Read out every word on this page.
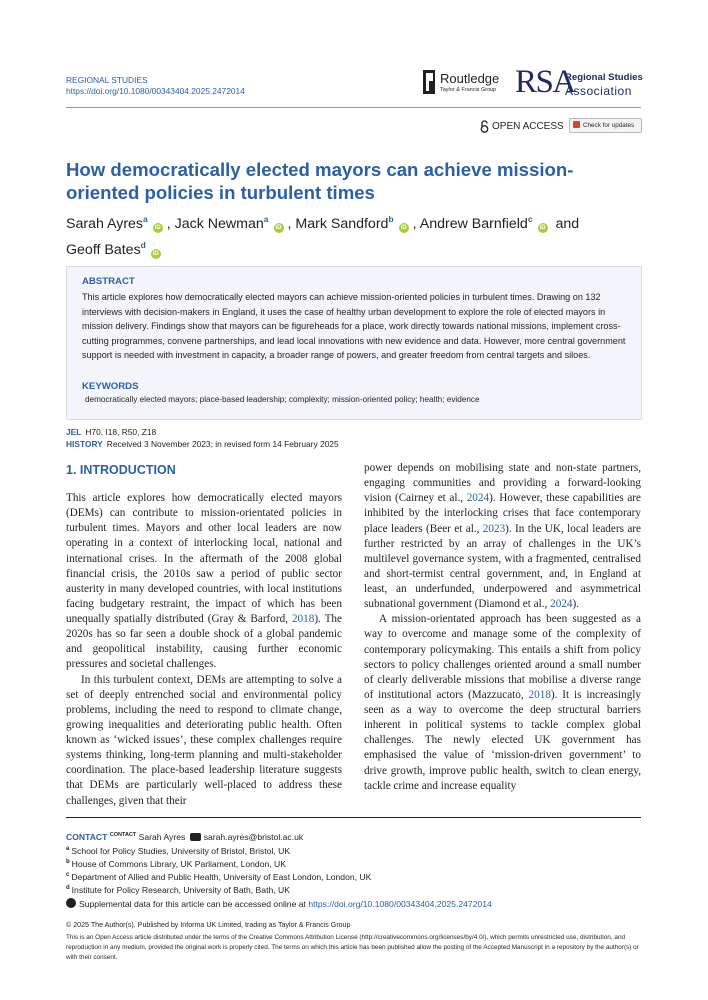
REGIONAL STUDIES
https://doi.org/10.1080/00343404.2025.2472014
Routledge
Taylor & Francis Group RSA
Regional Studies
Association
OPEN ACCESS	Check for updates
How democratically elected mayors can achieve mission-oriented policies in turbulent times
Sarah Ayres$^a$iD , Jack Newman$^a$iD , Mark Sandford$^b$iD , Andrew Barnfield$^c$iD and
Geoff Bates$^d$iD
ABSTRACT
This article explores how democratically elected mayors can achieve mission-oriented policies in turbulent times. Drawing on 132 interviews with decision-makers in England, it uses the case of healthy urban development to explore the role of elected mayors in mission delivery. Findings show that mayors can be figureheads for a place, work directly towards national missions, implement cross-cutting programmes, convene partnerships, and lead local innovations with new evidence and data. However, more central government support is needed with investment in capacity, a broader range of powers, and greater freedom from central targets and siloes.
KEYWORDS
democratically elected mayors; place-based leadership; complexity; mission-oriented policy; health; evidence
JEL H70, I18, R50, Z18
HISTORY Received 3 November 2023; in revised form 14 February 2025
1. INTRODUCTION

This article explores how democratically elected mayors (DEMs) can contribute to mission-orientated policies in turbulent times. Mayors and other local leaders are now operating in a context of interlocking local, national and international crises. In the aftermath of the 2008 global financial crisis, the 2010s saw a period of public sector austerity in many developed countries, with local institutions facing budgetary restraint, the impact of which has been unequally spatially distributed (Gray & Barford, 2018). The 2020s has so far seen a double shock of a global pandemic and geopolitical instability, causing further economic pressures and societal challenges.

In this turbulent context, DEMs are attempting to solve a set of deeply entrenched social and environmental policy problems, including the need to respond to climate change, growing inequalities and deteriorating public health. Often known as ‘wicked issues’, these complex challenges require systems thinking, long-term planning and multi-stakeholder coordination. The place-based leadership literature suggests that DEMs are particularly well-placed to address these challenges, given that their

power depends on mobilising state and non-state partners, engaging communities and providing a forward-looking vision (Cairney et al., 2024). However, these capabilities are inhibited by the interlocking crises that face contemporary place leaders (Beer et al., 2023). In the UK, local leaders are further restricted by an array of challenges in the UK’s multilevel governance system, with a fragmented, centralised and short-termist central government, and, in England at least, an underfunded, underpowered and asymmetrical subnational government (Diamond et al., 2024).

A mission-orientated approach has been suggested as a way to overcome and manage some of the complexity of contemporary policymaking. This entails a shift from policy sectors to policy challenges oriented around a small number of clearly deliverable missions that mobilise a diverse range of institutional actors (Mazzucato, 2018). It is increasingly seen as a way to overcome the deep structural barriers inherent in political systems to tackle complex global challenges. The newly elected UK government has emphasised the value of ‘mission-driven government’ to drive growth, improve public health, switch to clean energy, tackle crime and increase equality

CONTACT $^{CONTACT}$ Sarah Ayres sarah.ayres@bristol.ac.uk
$^a$ School for Policy Studies, University of Bristol, Bristol, UK
$^b$ House of Commons Library, UK Parliament, London, UK
$^c$ Department of Allied and Public Health, University of East London, London, UK
$^d$ Institute for Policy Research, University of Bath, Bath, UK
Supplemental data for this article can be accessed online at https://doi.org/10.1080/00343404.2025.2472014
© 2025 The Author(s). Published by Informa UK Limited, trading as Taylor & Francis Group
This is an Open Access article distributed under the terms of the Creative Commons Attribution License (http://creativecommons.org/licenses/by/4.0/), which permits unrestricted use, distribution, and reproduction in any medium, provided the original work is properly cited. The terms on which this article has been published allow the posting of the Accepted Manuscript in a repository by the author(s) or with their consent.
